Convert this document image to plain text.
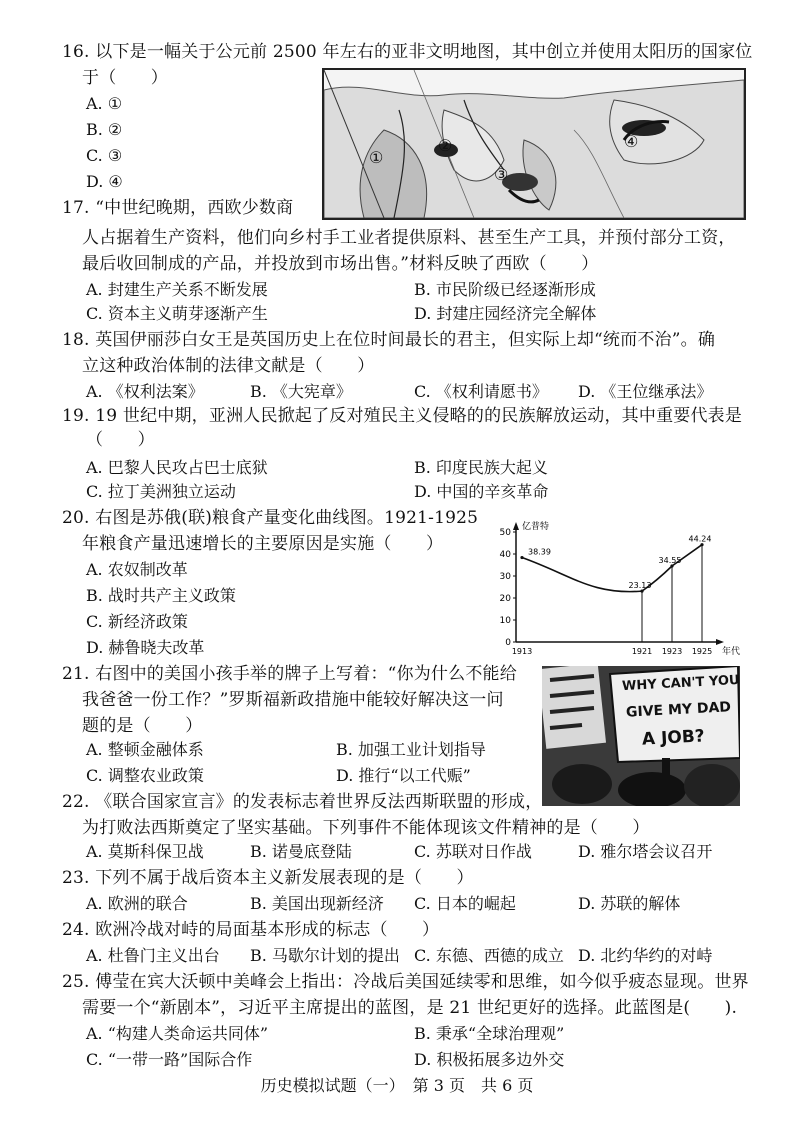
16. 以下是一幅关于公元前 2500 年左右的亚非文明地图，其中创立并使用太阳历的国家位
于（　　）
A. ①
B. ②
C. ③
D. ④
①
②
③
④
17. “中世纪晚期，西欧少数商
人占据着生产资料，他们向乡村手工业者提供原料、甚至生产工具，并预付部分工资，
最后收回制成的产品，并投放到市场出售。”材料反映了西欧（　　）
A. 封建生产关系不断发展	B. 市民阶级已经逐渐形成
C. 资本主义萌芽逐渐产生	D. 封建庄园经济完全解体
18. 英国伊丽莎白女王是英国历史上在位时间最长的君主，但实际上却“统而不治”。确
立这种政治体制的法律文献是（　　）
A. 《权利法案》	B. 《大宪章》	C. 《权利请愿书》 D. 《王位继承法》
19. 19 世纪中期，亚洲人民掀起了反对殖民主义侵略的的民族解放运动，其中重要代表是
（　　）
A. 巴黎人民攻占巴士底狱	B. 印度民族大起义
C. 拉丁美洲独立运动	D. 中国的辛亥革命
20. 右图是苏俄(联)粮食产量变化曲线图。1921-1925
年粮食产量迅速增长的主要原因是实施（　　）
A. 农奴制改革
B. 战时共产主义政策
C. 新经济政策
D. 赫鲁晓夫改革
亿普特
年代
0
10
20
30
40
50
1913	1921 1923 1925
38.39
23.13
34.55
44.24
21. 右图中的美国小孩手举的牌子上写着：“你为什么不能给
我爸爸一份工作？”罗斯福新政措施中能较好解决这一问
题的是（　　）
A. 整顿金融体系	B. 加强工业计划指导
C. 调整农业政策	D. 推行“以工代赈”
WHY CAN'T YOU
GIVE MY DAD
A JOB?
22. 《联合国家宣言》的发表标志着世界反法西斯联盟的形成，
为打败法西斯奠定了坚实基础。下列事件不能体现该文件精神的是（　　）
A. 莫斯科保卫战	B. 诺曼底登陆	C. 苏联对日作战	D. 雅尔塔会议召开
23. 下列不属于战后资本主义新发展表现的是（　　）
A. 欧洲的联合	B. 美国出现新经济 C. 日本的崛起	D. 苏联的解体
24. 欧洲冷战对峙的局面基本形成的标志（　　）
A. 杜鲁门主义出台 B. 马歇尔计划的提出 C. 东德、西德的成立 D. 北约华约的对峙
25. 傅莹在宾大沃顿中美峰会上指出：冷战后美国延续零和思维，如今似乎疲态显现。世界
需要一个“新剧本”，习近平主席提出的蓝图，是 21 世纪更好的选择。此蓝图是(　　).
A. “构建人类命运共同体”	B. 秉承“全球治理观”
C. “一带一路”国际合作	D. 积极拓展多边外交
历史模拟试题（一）　第 3 页　共 6 页
